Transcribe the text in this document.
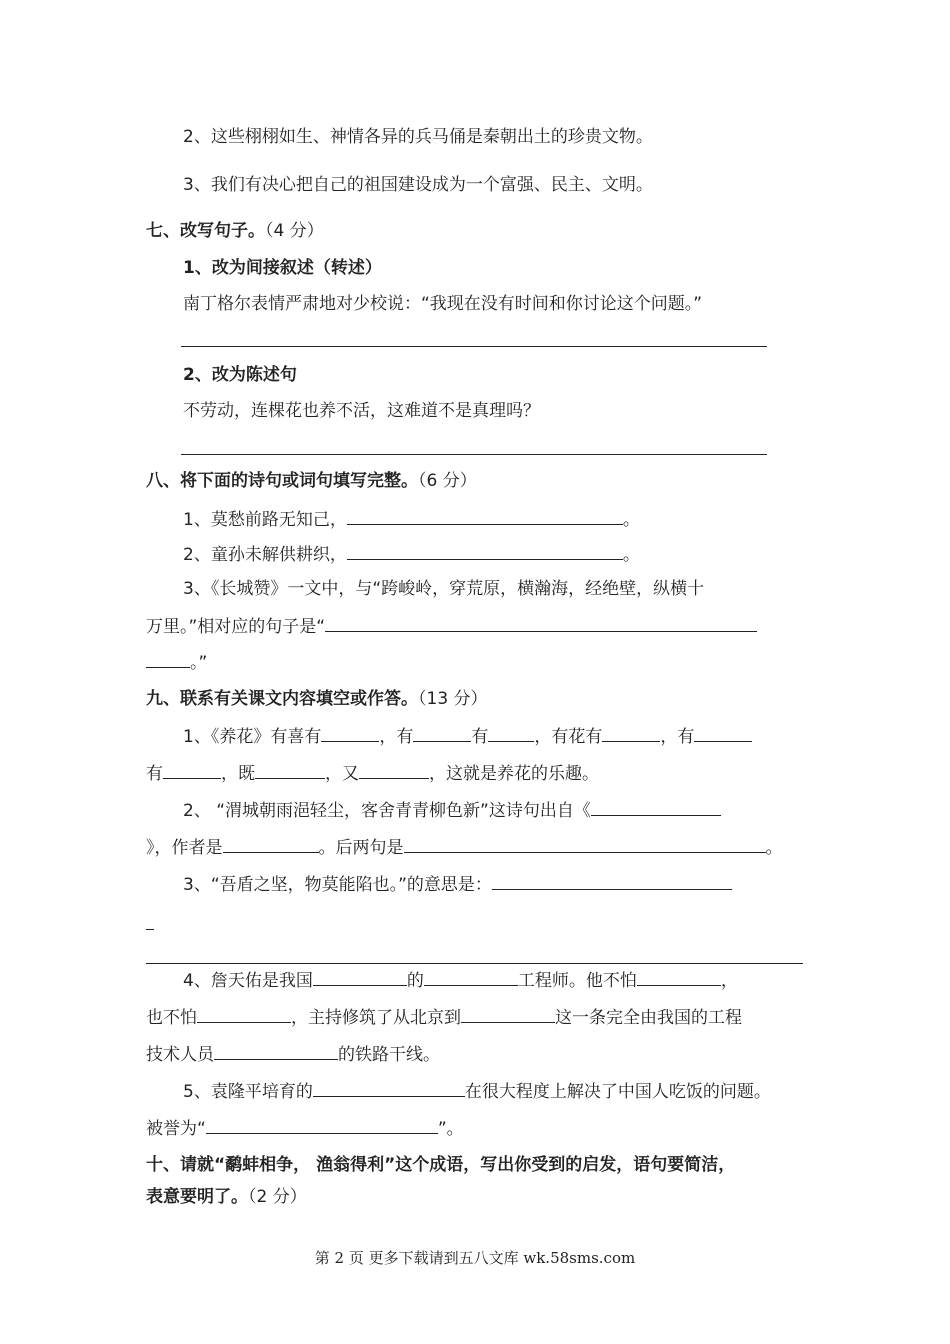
2、这些栩栩如生、神情各异的兵马俑是秦朝出土的珍贵文物。
3、我们有决心把自己的祖国建设成为一个富强、民主、文明。
七、改写句子。（4 分）
1、改为间接叙述（转述）
南丁格尔表情严肃地对少校说：“我现在没有时间和你讨论这个问题。”
2、改为陈述句
不劳动，连棵花也养不活，这难道不是真理吗？
八、将下面的诗句或词句填写完整。（6 分）
1、莫愁前路无知己，	。
2、童孙未解供耕织，	。
3、《长城赞》一文中，与“跨峻岭，穿荒原，横瀚海，经绝壁，纵横十
万里。”相对应的句子是“
。”
九、联系有关课文内容填空或作答。（13 分）
1、《养花》有喜有	，有	有	，有花有	，有
有	，既	，又	，这就是养花的乐趣。
2、 “渭城朝雨浥轻尘，客舍青青柳色新”这诗句出自《
》，作者是	。后两句是	。
3、“吾盾之坚，物莫能陷也。”的意思是：
4、詹天佑是我国	的	工程师。他不怕	，
也不怕	，主持修筑了从北京到	这一条完全由我国的工程
技术人员	的铁路干线。
5、袁隆平培育的	在很大程度上解决了中国人吃饭的问题。
被誉为“	”。
十、请就“鹬蚌相争， 渔翁得利”这个成语，写出你受到的启发，语句要简洁，
表意要明了。（2 分）
第 2 页 更多下载请到五八文库 wk.58sms.com
